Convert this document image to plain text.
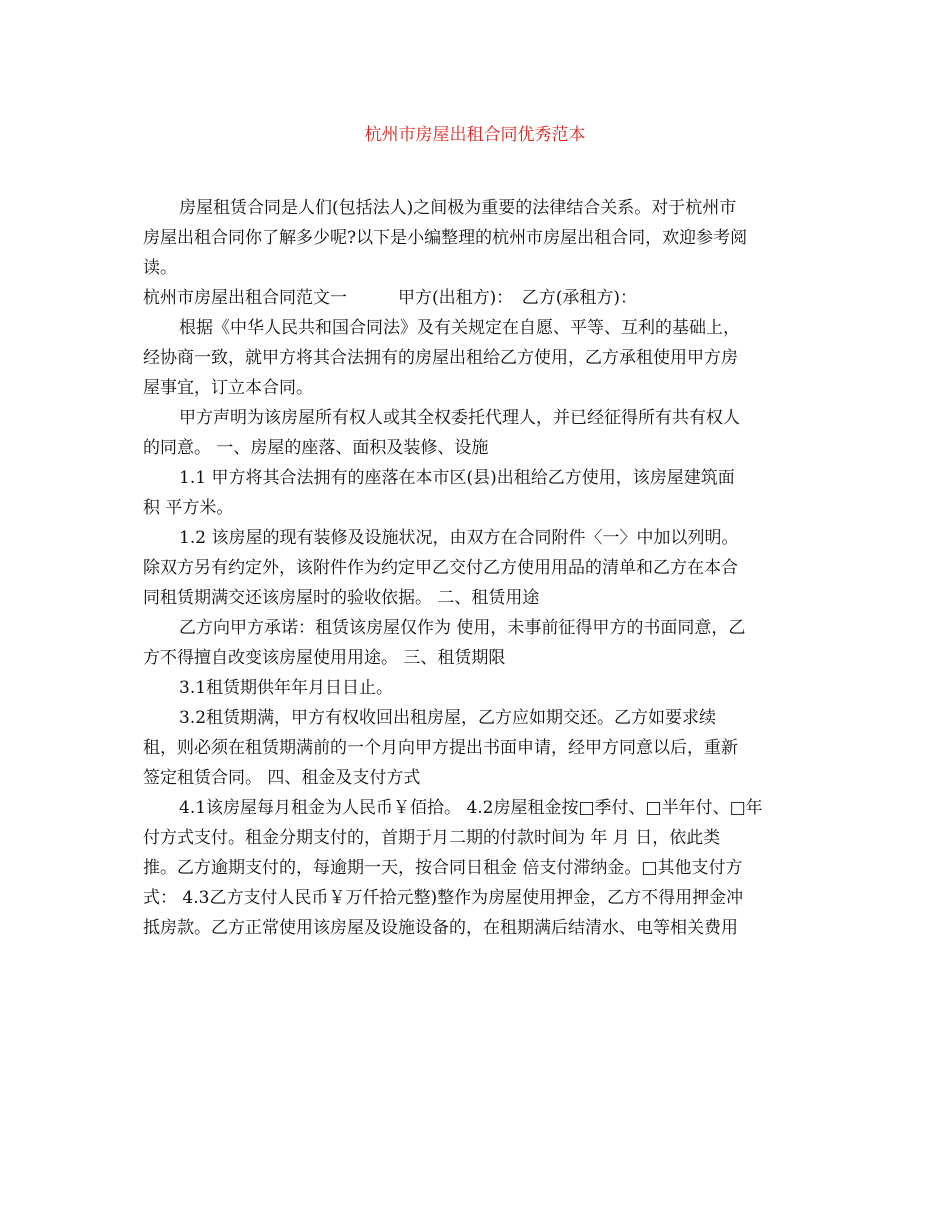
杭州市房屋出租合同优秀范本
房屋租赁合同是人们(包括法人)之间极为重要的法律结合关系。对于杭州市
房屋出租合同你了解多少呢?以下是小编整理的杭州市房屋出租合同，欢迎参考阅
读。
杭州市房屋出租合同范文一　　　甲方(出租方)：　乙方(承租方)：
根据《中华人民共和国合同法》及有关规定在自愿、平等、互利的基础上，
经协商一致，就甲方将其合法拥有的房屋出租给乙方使用，乙方承租使用甲方房
屋事宜，订立本合同。
甲方声明为该房屋所有权人或其全权委托代理人，并已经征得所有共有权人
的同意。 一、房屋的座落、面积及装修、设施
1.1 甲方将其合法拥有的座落在本市区(县)出租给乙方使用，该房屋建筑面
积 平方米。
1.2 该房屋的现有装修及设施状况，由双方在合同附件〈一〉中加以列明。
除双方另有约定外，该附件作为约定甲乙交付乙方使用用品的清单和乙方在本合
同租赁期满交还该房屋时的验收依据。 二、租赁用途
乙方向甲方承诺：租赁该房屋仅作为 使用，未事前征得甲方的书面同意，乙
方不得擅自改变该房屋使用用途。 三、租赁期限
3.1租赁期供年年月日日止。
3.2租赁期满，甲方有权收回出租房屋，乙方应如期交还。乙方如要求续
租，则必须在租赁期满前的一个月向甲方提出书面申请，经甲方同意以后，重新
签定租赁合同。 四、租金及支付方式
4.1该房屋每月租金为人民币￥佰拾。 4.2房屋租金按□季付、□半年付、□年
付方式支付。租金分期支付的，首期于月二期的付款时间为 年 月 日，依此类
推。乙方逾期支付的，每逾期一天，按合同日租金 倍支付滞纳金。□其他支付方
式： 4.3乙方支付人民币￥万仟拾元整)整作为房屋使用押金，乙方不得用押金冲
抵房款。乙方正常使用该房屋及设施设备的，在租期满后结清水、电等相关费用
